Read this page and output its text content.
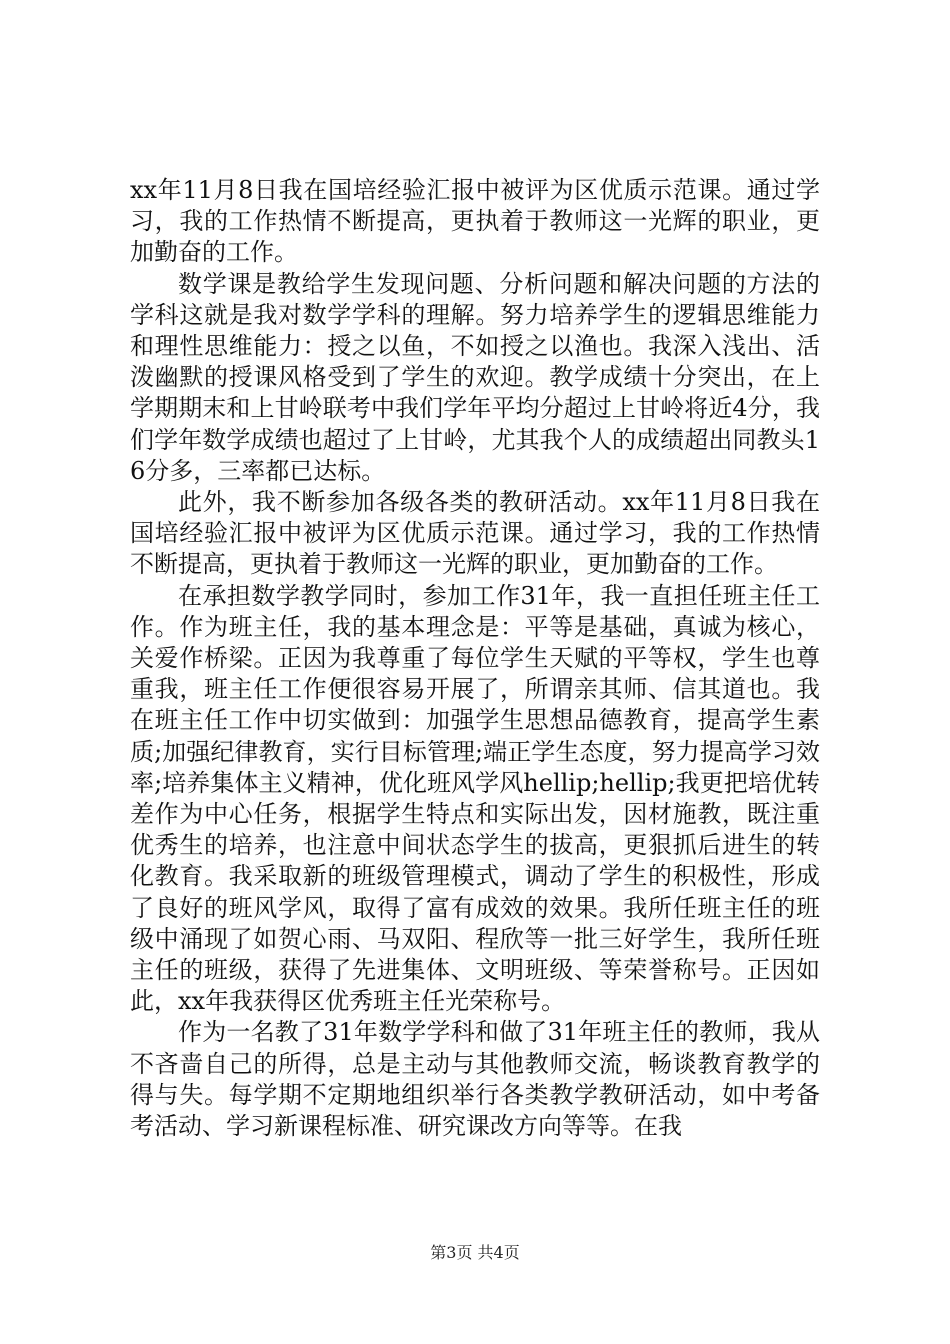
xx年11月8日我在国培经验汇报中被评为区优质示范课。通过学习，我的工作热情不断提高，更执着于教师这一光辉的职业，更加勤奋的工作。

数学课是教给学生发现问题、分析问题和解决问题的方法的学科这就是我对数学学科的理解。努力培养学生的逻辑思维能力和理性思维能力：授之以鱼，不如授之以渔也。我深入浅出、活泼幽默的授课风格受到了学生的欢迎。教学成绩十分突出，在上学期期末和上甘岭联考中我们学年平均分超过上甘岭将近4分，我们学年数学成绩也超过了上甘岭，尤其我个人的成绩超出同教头16分多，三率都已达标。

此外，我不断参加各级各类的教研活动。xx年11月8日我在国培经验汇报中被评为区优质示范课。通过学习，我的工作热情不断提高，更执着于教师这一光辉的职业，更加勤奋的工作。

在承担数学教学同时，参加工作31年，我一直担任班主任工作。作为班主任，我的基本理念是：平等是基础，真诚为核心，关爱作桥梁。正因为我尊重了每位学生天赋的平等权，学生也尊重我，班主任工作便很容易开展了，所谓亲其师、信其道也。我在班主任工作中切实做到：加强学生思想品德教育，提高学生素质;加强纪律教育，实行目标管理;端正学生态度，努力提高学习效率;培养集体主义精神，优化班风学风hellip;hellip;我更把培优转差作为中心任务，根据学生特点和实际出发，因材施教，既注重优秀生的培养，也注意中间状态学生的拔高，更狠抓后进生的转化教育。我采取新的班级管理模式，调动了学生的积极性，形成了良好的班风学风，取得了富有成效的效果。我所任班主任的班级中涌现了如贺心雨、马双阳、程欣等一批三好学生，我所任班主任的班级，获得了先进集体、文明班级、等荣誉称号。正因如此，xx年我获得区优秀班主任光荣称号。

作为一名教了31年数学学科和做了31年班主任的教师，我从不吝啬自己的所得，总是主动与其他教师交流，畅谈教育教学的得与失。每学期不定期地组织举行各类教学教研活动，如中考备考活动、学习新课程标准、研究课改方向等等。在我

第3页 共4页
